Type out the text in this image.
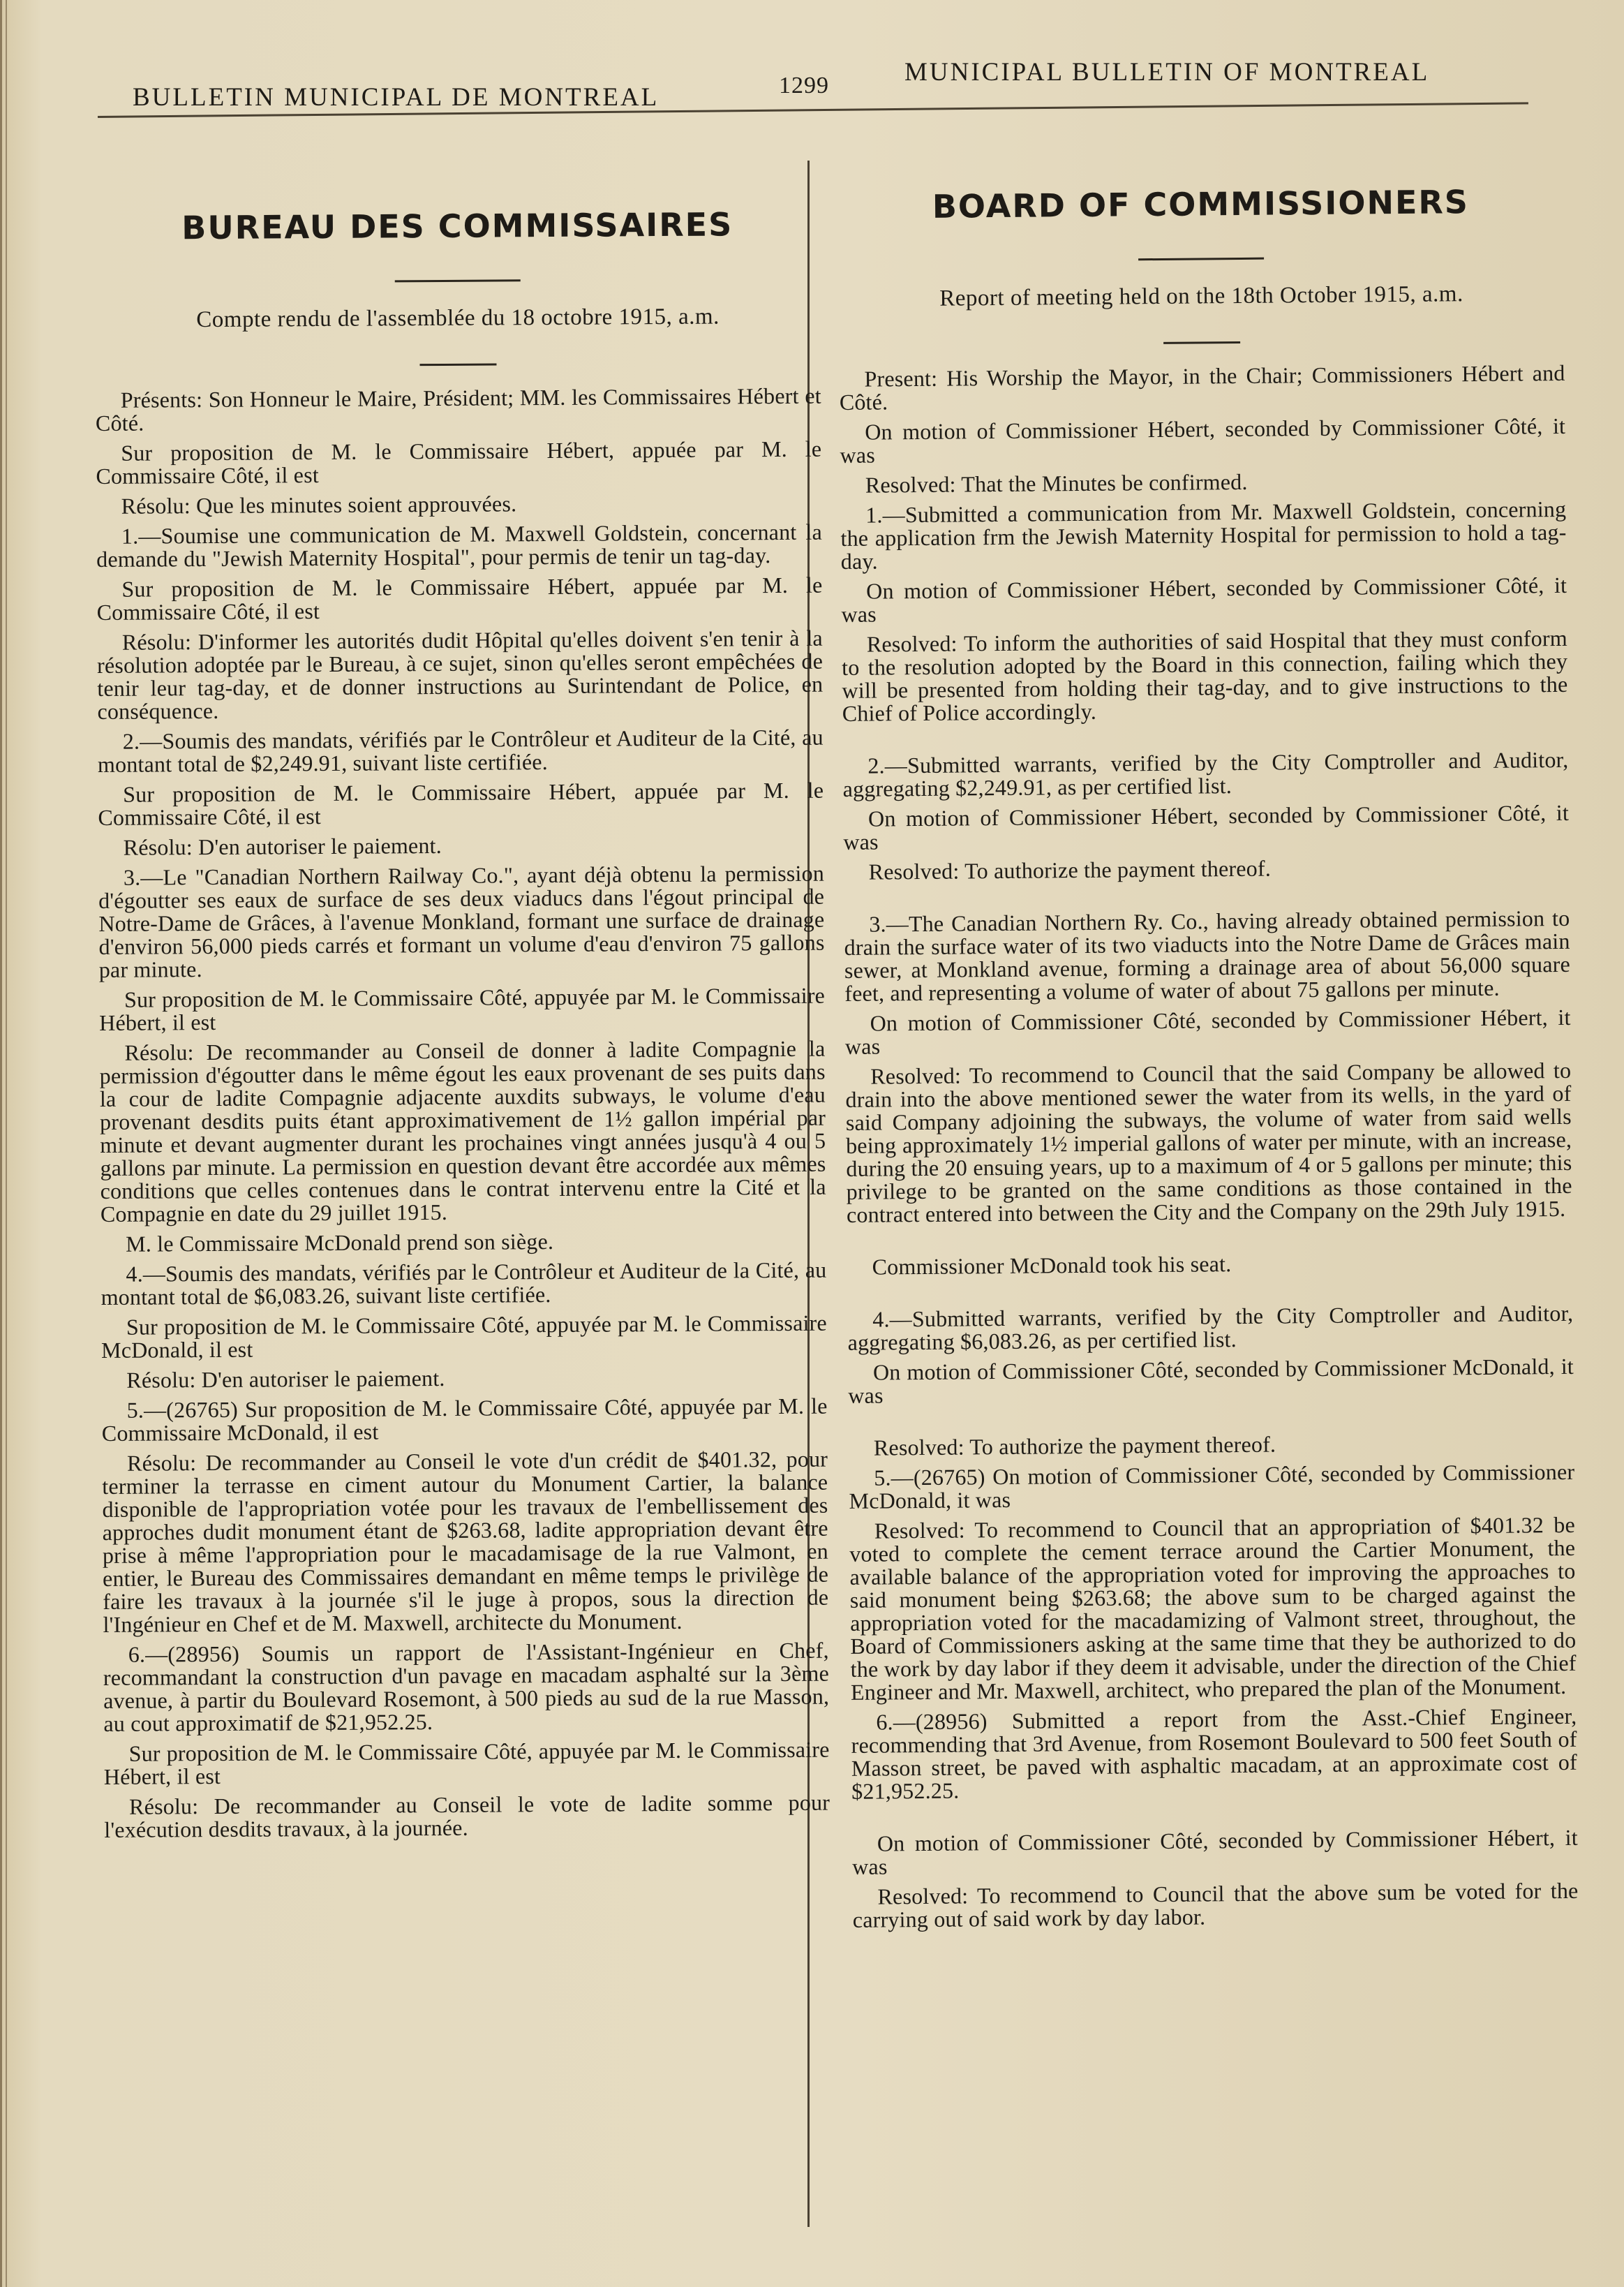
BULLETIN MUNICIPAL DE MONTREAL	1299	MUNICIPAL BULLETIN OF MONTREAL
BUREAU DES COMMISSAIRES
Compte rendu de l'assemblée du 18 octobre 1915, a.m.

Présents: Son Honneur le Maire, Président; MM. les Commissaires Hébert et Côté.

Sur proposition de M. le Commissaire Hébert, appuée par M. le Commissaire Côté, il est

Résolu: Que les minutes soient approuvées.

1.—Soumise une communication de M. Maxwell Goldstein, concernant la demande du "Jewish Maternity Hospital", pour permis de tenir un tag-day.

Sur proposition de M. le Commissaire Hébert, appuée par M. le Commissaire Côté, il est

Résolu: D'informer les autorités dudit Hôpital qu'elles doivent s'en tenir à la résolution adoptée par le Bureau, à ce sujet, sinon qu'elles seront empêchées de tenir leur tag-day, et de donner instructions au Surintendant de Police, en conséquence.

2.—Soumis des mandats, vérifiés par le Contrôleur et Auditeur de la Cité, au montant total de $2,249.91, suivant liste certifiée.

Sur proposition de M. le Commissaire Hébert, appuée par M. le Commissaire Côté, il est

Résolu: D'en autoriser le paiement.

3.—Le "Canadian Northern Railway Co.", ayant déjà obtenu la permission d'égoutter ses eaux de surface de ses deux viaducs dans l'égout principal de Notre-Dame de Grâces, à l'avenue Monkland, formant une surface de drainage d'environ 56,000 pieds carrés et formant un volume d'eau d'environ 75 gallons par minute.

Sur proposition de M. le Commissaire Côté, appuyée par M. le Commissaire Hébert, il est

Résolu: De recommander au Conseil de donner à ladite Compagnie la permission d'égoutter dans le même égout les eaux provenant de ses puits dans la cour de ladite Compagnie adjacente auxdits subways, le volume d'eau provenant desdits puits étant approximativement de 1½ gallon impérial par minute et devant augmenter durant les prochaines vingt années jusqu'à 4 ou 5 gallons par minute. La permission en question devant être accordée aux mêmes conditions que celles contenues dans le contrat intervenu entre la Cité et la Compagnie en date du 29 juillet 1915.

M. le Commissaire McDonald prend son siège.

4.—Soumis des mandats, vérifiés par le Contrôleur et Auditeur de la Cité, au montant total de $6,083.26, suivant liste certifiée.

Sur proposition de M. le Commissaire Côté, appuyée par M. le Commissaire McDonald, il est

Résolu: D'en autoriser le paiement.

5.—(26765) Sur proposition de M. le Commissaire Côté, appuyée par M. le Commissaire McDonald, il est

Résolu: De recommander au Conseil le vote d'un crédit de $401.32, pour terminer la terrasse en ciment autour du Monument Cartier, la balance disponible de l'appropriation votée pour les travaux de l'embellissement des approches dudit monument étant de $263.68, ladite appropriation devant être prise à même l'appropriation pour le macadamisage de la rue Valmont, en entier, le Bureau des Commissaires demandant en même temps le privilège de faire les travaux à la journée s'il le juge à propos, sous la direction de l'Ingénieur en Chef et de M. Maxwell, architecte du Monument.

6.—(28956) Soumis un rapport de l'Assistant-Ingénieur en Chef, recommandant la construction d'un pavage en macadam asphalté sur la 3ème avenue, à partir du Boulevard Rosemont, à 500 pieds au sud de la rue Masson, au cout approximatif de $21,952.25.

Sur proposition de M. le Commissaire Côté, appuyée par M. le Commissaire Hébert, il est

Résolu: De recommander au Conseil le vote de ladite somme pour l'exécution desdits travaux, à la journée.

BOARD OF COMMISSIONERS
Report of meeting held on the 18th October 1915, a.m.

Present: His Worship the Mayor, in the Chair; Commissioners Hébert and Côté.

On motion of Commissioner Hébert, seconded by Commissioner Côté, it was

Resolved: That the Minutes be confirmed.

1.—Submitted a communication from Mr. Maxwell Goldstein, concerning the application frm the Jewish Maternity Hospital for permission to hold a tag-day.

On motion of Commissioner Hébert, seconded by Commissioner Côté, it was

Resolved: To inform the authorities of said Hospital that they must conform to the resolution adopted by the Board in this connection, failing which they will be presented from holding their tag-day, and to give instructions to the Chief of Police accordingly.

2.—Submitted warrants, verified by the City Comptroller and Auditor, aggregating $2,249.91, as per certified list.

On motion of Commissioner Hébert, seconded by Commissioner Côté, it was

Resolved: To authorize the payment thereof.

3.—The Canadian Northern Ry. Co., having already obtained permission to drain the surface water of its two viaducts into the Notre Dame de Grâces main sewer, at Monkland avenue, forming a drainage area of about 56,000 square feet, and representing a volume of water of about 75 gallons per minute.

On motion of Commissioner Côté, seconded by Commissioner Hébert, it was

Resolved: To recommend to Council that the said Company be allowed to drain into the above mentioned sewer the water from its wells, in the yard of said Company adjoining the subways, the volume of water from said wells being approximately 1½ imperial gallons of water per minute, with an increase, during the 20 ensuing years, up to a maximum of 4 or 5 gallons per minute; this privilege to be granted on the same conditions as those contained in the contract entered into between the City and the Company on the 29th July 1915.

Commissioner McDonald took his seat.

4.—Submitted warrants, verified by the City Comptroller and Auditor, aggregating $6,083.26, as per certified list.

On motion of Commissioner Côté, seconded by Commissioner McDonald, it was

Resolved: To authorize the payment thereof.

5.—(26765) On motion of Commissioner Côté, seconded by Commissioner McDonald, it was

Resolved: To recommend to Council that an appropriation of $401.32 be voted to complete the cement terrace around the Cartier Monument, the available balance of the appropriation voted for improving the approaches to said monument being $263.68; the above sum to be charged against the appropriation voted for the macadamizing of Valmont street, throughout, the Board of Commissioners asking at the same time that they be authorized to do the work by day labor if they deem it advisable, under the direction of the Chief Engineer and Mr. Maxwell, architect, who prepared the plan of the Monument.

6.—(28956) Submitted a report from the Asst.-Chief Engineer, recommending that 3rd Avenue, from Rosemont Boulevard to 500 feet South of Masson street, be paved with asphaltic macadam, at an approximate cost of $21,952.25.

On motion of Commissioner Côté, seconded by Commissioner Hébert, it was

Resolved: To recommend to Council that the above sum be voted for the carrying out of said work by day labor.
